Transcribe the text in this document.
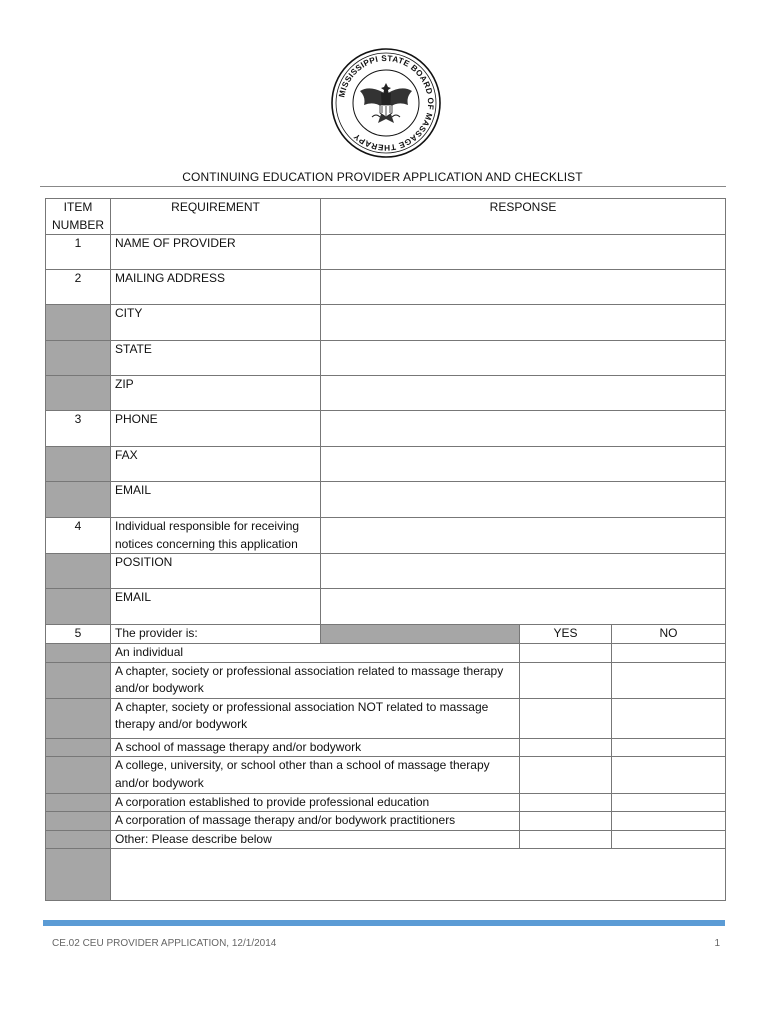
MISSISSIPPI STATE BOARD OF MASSAGE THERAPY
CONTINUING EDUCATION PROVIDER APPLICATION AND CHECKLIST
ITEM NUMBER	REQUIREMENT	RESPONSE		
1	NAME OF PROVIDER			
2	MAILING ADDRESS			
	CITY			
	STATE			
	ZIP			
3	PHONE			
	FAX			
	EMAIL			
4	Individual responsible for receiving notices concerning this application			
	POSITION			
	EMAIL			
5	The provider is:		YES	NO
	An individual			
	A chapter, society or professional association related to massage therapy and/or bodywork			
	A chapter, society or professional association NOT related to massage therapy and/or bodywork			
	A school of massage therapy and/or bodywork			
	A college, university, or school other than a school of massage therapy and/or bodywork			
	A corporation established to provide professional education			
	A corporation of massage therapy and/or bodywork practitioners			
	Other: Please describe below			

CE.02 CEU PROVIDER APPLICATION, 12/1/2014	1
